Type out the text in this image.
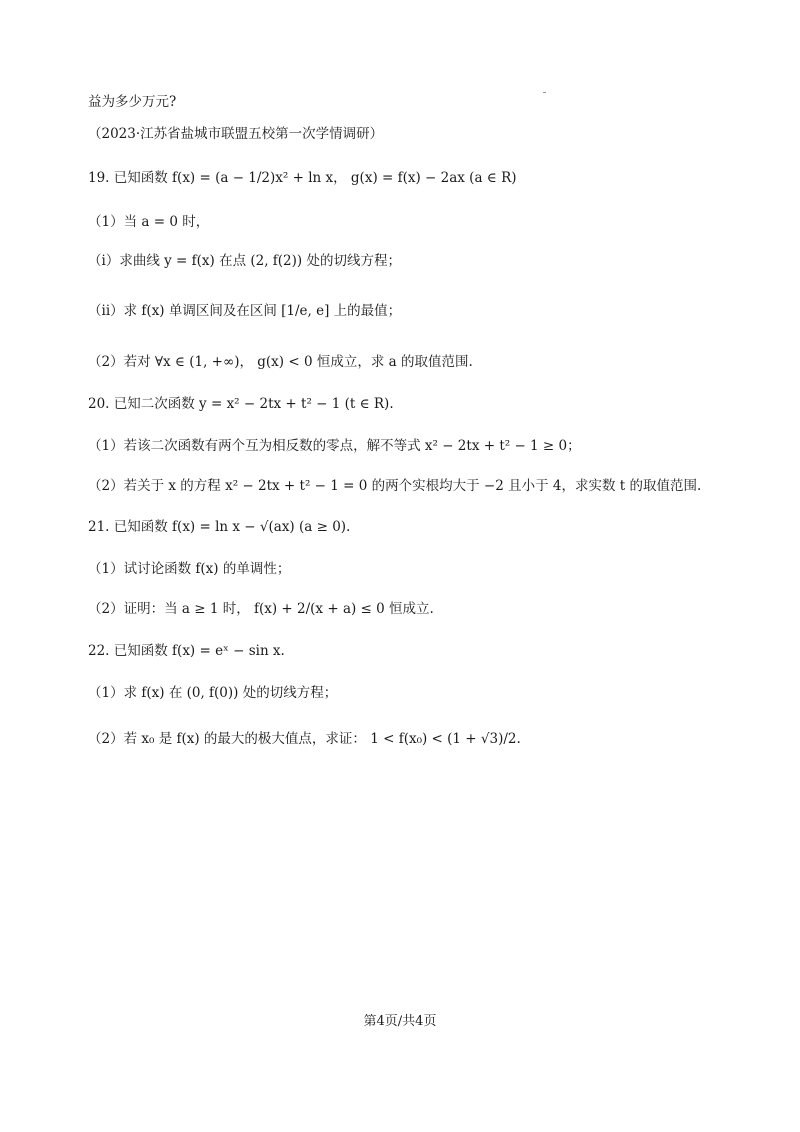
益为多少万元?
（2023·江苏省盐城市联盟五校第一次学情调研）
19. 已知函数 f(x) = (a − 1/2)x² + ln x， g(x) = f(x) − 2ax (a ∈ R)
（1）当 a = 0 时，
（i）求曲线 y = f(x) 在点 (2, f(2)) 处的切线方程；
（ii）求 f(x) 单调区间及在区间 [1/e, e] 上的最值；
（2）若对 ∀x ∈ (1, +∞)， g(x) < 0 恒成立，求 a 的取值范围.
20. 已知二次函数 y = x² − 2tx + t² − 1 (t ∈ R).
（1）若该二次函数有两个互为相反数的零点，解不等式 x² − 2tx + t² − 1 ≥ 0；
（2）若关于 x 的方程 x² − 2tx + t² − 1 = 0 的两个实根均大于 −2 且小于 4，求实数 t 的取值范围.
21. 已知函数 f(x) = ln x − √(ax) (a ≥ 0).
（1）试讨论函数 f(x) 的单调性；
（2）证明：当 a ≥ 1 时， f(x) + 2/(x + a) ≤ 0 恒成立.
22. 已知函数 f(x) = eˣ − sin x.
（1）求 f(x) 在 (0, f(0)) 处的切线方程；
（2）若 x₀ 是 f(x) 的最大的极大值点，求证： 1 < f(x₀) < (1 + √3)/2.
第4页/共4页
